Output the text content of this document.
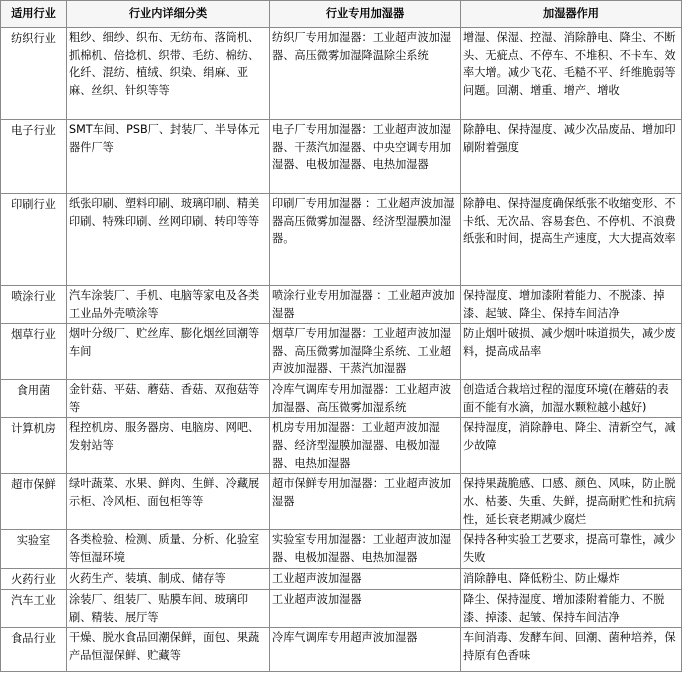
适用行业	行业内详细分类	行业专用加湿器	加湿器作用
纺织行业	粗纱、细纱、织布、无纺布、落筒机、抓棉机、倍捻机、织带、毛纺、棉纺、化纤、混纺、植绒、织染、绢麻、亚麻、丝织、针织等等	纺织厂专用加湿器：工业超声波加湿器、高压微雾加湿降温除尘系统	增湿、保湿、控湿、消除静电、降尘、不断头、无疵点、不停车、不堆积、不卡车、效率大增。减少飞花、毛糙不平、纤维脆弱等问题。回潮、增重、增产、增收
电子行业	SMT车间、PSB厂、封装厂、半导体元器件厂等	电子厂专用加湿器：工业超声波加湿器、干蒸汽加湿器、中央空调专用加湿器、电极加湿器、电热加湿器	除静电、保持湿度、减少次品废品、增加印刷附着强度
印刷行业	纸张印刷、塑料印刷、玻璃印刷、精美印刷、特殊印刷、丝网印刷、转印等等	印刷厂专用加湿器 ：工业超声波加湿器高压微雾加湿器、经济型湿膜加湿器。	除静电、保持湿度确保纸张不收缩变形、不卡纸、无次品、容易套色、不停机、不浪费纸张和时间，提高生产速度，大大提高效率
喷涂行业	汽车涂装厂、手机、电脑等家电及各类工业品外壳喷涂等	喷涂行业专用加湿器 ：工业超声波加湿器	保持湿度、增加漆附着能力、不脱漆、掉漆、起皱、降尘、保持车间洁净
烟草行业	烟叶分级厂、贮丝库、膨化烟丝回潮等车间	烟草厂专用加湿器：工业超声波加湿器、高压微雾加湿降尘系统、工业超声波加湿器、干蒸汽加湿器	防止烟叶破损、减少烟叶味道损失，减少废料，提高成品率
食用菌	金针菇、平菇、蘑菇、香菇、双孢菇等等	冷库气调库专用加湿器：工业超声波加湿器、高压微雾加湿系统	创造适合栽培过程的湿度环境(在蘑菇的表面不能有水滴，加湿水颗粒越小越好)
计算机房	程控机房、服务器房、电脑房、网吧、发射站等	机房专用加湿器：工业超声波加湿器、经济型湿膜加湿器、电极加湿器、电热加湿器	保持湿度，消除静电、降尘、清新空气，减少故障
超市保鲜	绿叶蔬菜、水果、鲜肉、生鲜、冷藏展示柜、冷风柜、面包柜等等	超市保鲜专用加湿器：工业超声波加湿器	保持果蔬脆感、口感、颜色、风味，防止脱水、枯萎、失重、失鲜，提高耐贮性和抗病性，延长衰老期减少腐烂
实验室	各类检验、检测、质量、分析、化验室等恒湿环境	实验室专用加湿器：工业超声波加湿器、电极加湿器、电热加湿器	保持各种实验工艺要求，提高可靠性，减少失败
火药行业	火药生产、装填、制成、储存等	工业超声波加湿器	消除静电、降低粉尘、防止爆炸
汽车工业	涂装厂、组装厂、贴膜车间、玻璃印刷、精装、展厅等	工业超声波加湿器	降尘、保持湿度、增加漆附着能力、不脱漆、掉漆、起皱、保持车间洁净
食品行业	干燥、脱水食品回潮保鲜，面包、果蔬产品恒湿保鲜、贮藏等	冷库气调库专用超声波加湿器	车间消毒、发酵车间、回潮、菌种培养，保持原有色香味
